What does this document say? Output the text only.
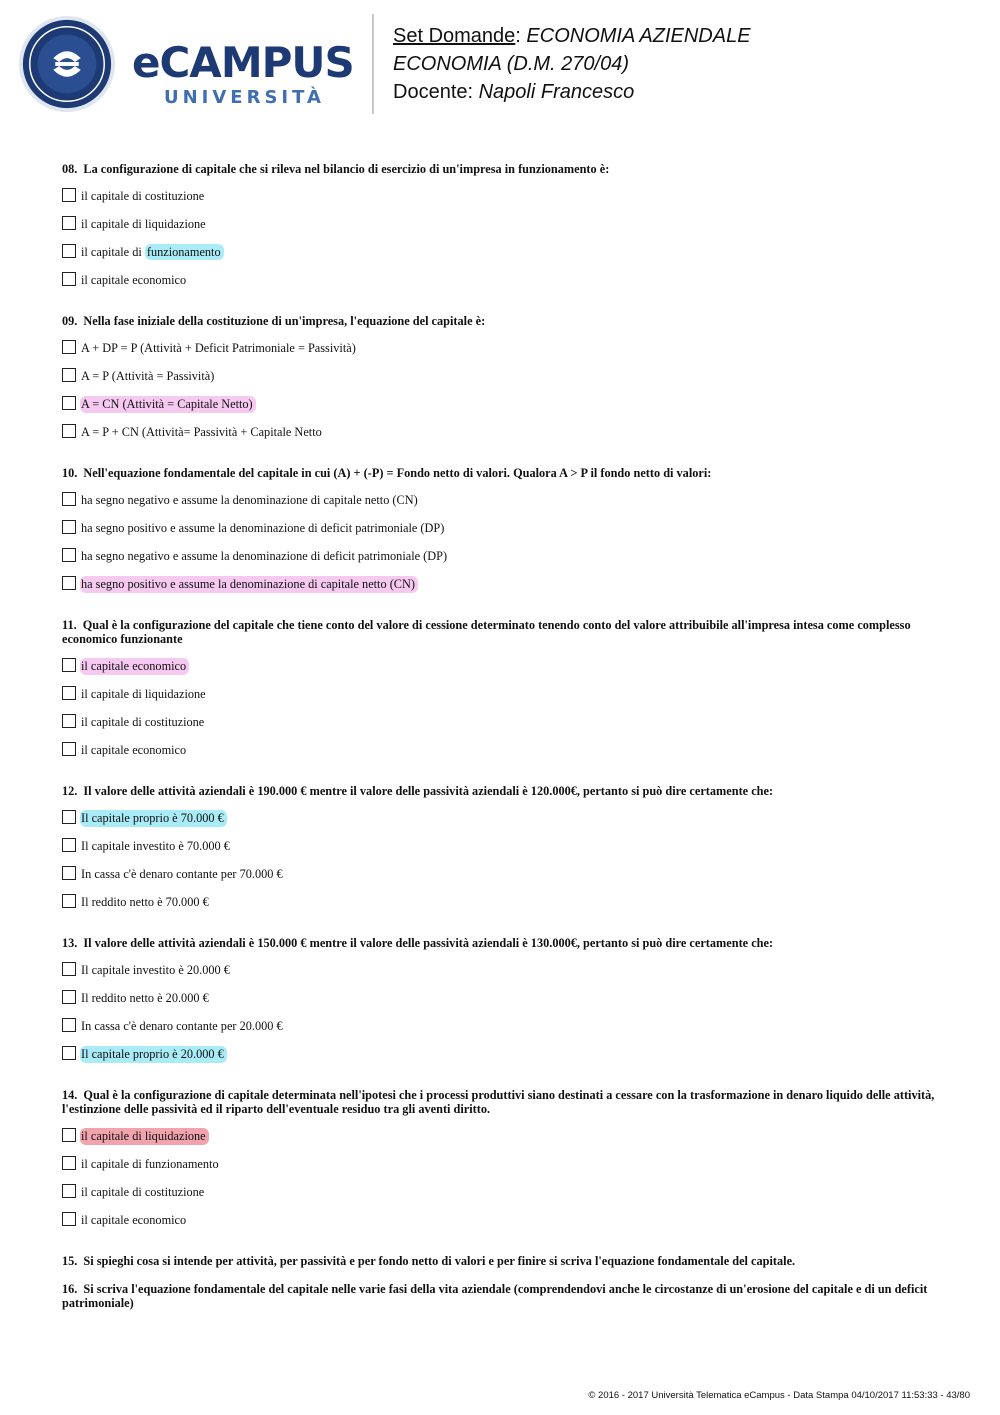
eCAMPUS
UNIVERSITÀ
Set Domande: ECONOMIA AZIENDALE
ECONOMIA (D.M. 270/04)
Docente: Napoli Francesco
08. La configurazione di capitale che si rileva nel bilancio di esercizio di un'impresa in funzionamento è:
il capitale di costituzione
il capitale di liquidazione
il capitale di funzionamento
il capitale economico
09. Nella fase iniziale della costituzione di un'impresa, l'equazione del capitale è:
A + DP = P (Attività + Deficit Patrimoniale = Passività)
A = P (Attività = Passività)
A = CN (Attività = Capitale Netto)
A = P + CN (Attività= Passività + Capitale Netto
10. Nell'equazione fondamentale del capitale in cui (A) + (-P) = Fondo netto di valori. Qualora A > P il fondo netto di valori:
ha segno negativo e assume la denominazione di capitale netto (CN)
ha segno positivo e assume la denominazione di deficit patrimoniale (DP)
ha segno negativo e assume la denominazione di deficit patrimoniale (DP)
ha segno positivo e assume la denominazione di capitale netto (CN)
11. Qual è la configurazione del capitale che tiene conto del valore di cessione determinato tenendo conto del valore attribuibile all'impresa intesa come complesso economico funzionante
il capitale economico
il capitale di liquidazione
il capitale di costituzione
il capitale economico
12. Il valore delle attività aziendali è 190.000 € mentre il valore delle passività aziendali è 120.000€, pertanto si può dire certamente che:
Il capitale proprio è 70.000 €
Il capitale investito è 70.000 €
In cassa c'è denaro contante per 70.000 €
Il reddito netto è 70.000 €
13. Il valore delle attività aziendali è 150.000 € mentre il valore delle passività aziendali è 130.000€, pertanto si può dire certamente che:
Il capitale investito è 20.000 €
Il reddito netto è 20.000 €
In cassa c'è denaro contante per 20.000 €
Il capitale proprio è 20.000 €
14. Qual è la configurazione di capitale determinata nell'ipotesi che i processi produttivi siano destinati a cessare con la trasformazione in denaro liquido delle attività, l'estinzione delle passività ed il riparto dell'eventuale residuo tra gli aventi diritto.
il capitale di liquidazione
il capitale di funzionamento
il capitale di costituzione
il capitale economico
15. Si spieghi cosa si intende per attività, per passività e per fondo netto di valori e per finire si scriva l'equazione fondamentale del capitale.
16. Si scriva l'equazione fondamentale del capitale nelle varie fasi della vita aziendale (comprendendovi anche le circostanze di un'erosione del capitale e di un deficit patrimoniale)
© 2016 - 2017 Università Telematica eCampus - Data Stampa 04/10/2017 11:53:33 - 43/80
